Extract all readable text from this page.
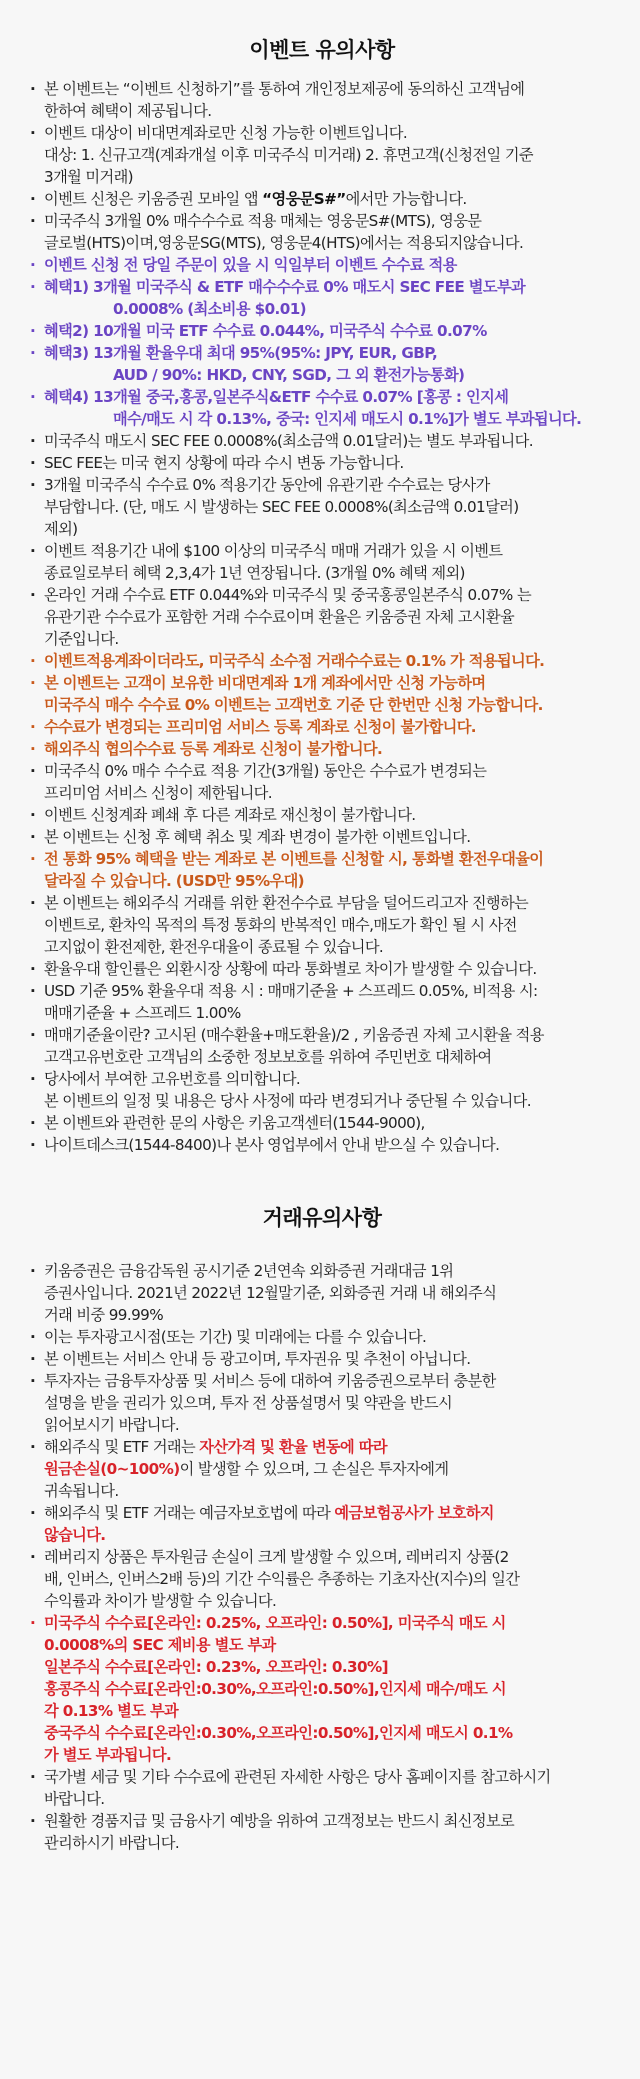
이벤트 유의사항
· 본 이벤트는 “이벤트 신청하기”를 통하여 개인정보제공에 동의하신 고객님에
한하여 혜택이 제공됩니다.
· 이벤트 대상이 비대면계좌로만 신청 가능한 이벤트입니다.
대상: 1. 신규고객(계좌개설 이후 미국주식 미거래) 2. 휴면고객(신청전일 기준
3개월 미거래)
· 이벤트 신청은 키움증권 모바일 앱 “영웅문S#”에서만 가능합니다.
· 미국주식 3개월 0% 매수수수료 적용 매체는 영웅문S#(MTS), 영웅문
글로벌(HTS)이며,영웅문SG(MTS), 영웅문4(HTS)에서는 적용되지않습니다.
· 이벤트 신청 전 당일 주문이 있을 시 익일부터 이벤트 수수료 적용
· 혜택1) 3개월 미국주식 & ETF 매수수수료 0% 매도시 SEC FEE 별도부과
0.0008% (최소비용 $0.01)
· 혜택2) 10개월 미국 ETF 수수료 0.044%, 미국주식 수수료 0.07%
· 혜택3) 13개월 환율우대 최대 95%(95%: JPY, EUR, GBP,
AUD / 90%: HKD, CNY, SGD, 그 외 환전가능통화)
· 혜택4) 13개월 중국,홍콩,일본주식&ETF 수수료 0.07% [홍콩 : 인지세
매수/매도 시 각 0.13%, 중국: 인지세 매도시 0.1%]가 별도 부과됩니다.
· 미국주식 매도시 SEC FEE 0.0008%(최소금액 0.01달러)는 별도 부과됩니다.
· SEC FEE는 미국 현지 상황에 따라 수시 변동 가능합니다.
· 3개월 미국주식 수수료 0% 적용기간 동안에 유관기관 수수료는 당사가
부담합니다. (단, 매도 시 발생하는 SEC FEE 0.0008%(최소금액 0.01달러)
제외)
· 이벤트 적용기간 내에 $100 이상의 미국주식 매매 거래가 있을 시 이벤트
종료일로부터 혜택 2,3,4가 1년 연장됩니다. (3개월 0% 혜택 제외)
· 온라인 거래 수수료 ETF 0.044%와 미국주식 및 중국홍콩일본주식 0.07% 는
유관기관 수수료가 포함한 거래 수수료이며 환율은 키움증권 자체 고시환율
기준입니다.
· 이벤트적용계좌이더라도, 미국주식 소수점 거래수수료는 0.1% 가 적용됩니다.
· 본 이벤트는 고객이 보유한 비대면계좌 1개 계좌에서만 신청 가능하며
미국주식 매수 수수료 0% 이벤트는 고객번호 기준 단 한번만 신청 가능합니다.
· 수수료가 변경되는 프리미엄 서비스 등록 계좌로 신청이 불가합니다.
· 해외주식 협의수수료 등록 계좌로 신청이 불가합니다.
· 미국주식 0% 매수 수수료 적용 기간(3개월) 동안은 수수료가 변경되는
프리미엄 서비스 신청이 제한됩니다.
· 이벤트 신청계좌 폐쇄 후 다른 계좌로 재신청이 불가합니다.
· 본 이벤트는 신청 후 혜택 취소 및 계좌 변경이 불가한 이벤트입니다.
· 전 통화 95% 혜택을 받는 계좌로 본 이벤트를 신청할 시, 통화별 환전우대율이
달라질 수 있습니다. (USD만 95%우대)
· 본 이벤트는 해외주식 거래를 위한 환전수수료 부담을 덜어드리고자 진행하는
이벤트로, 환차익 목적의 특정 통화의 반복적인 매수,매도가 확인 될 시 사전
고지없이 환전제한, 환전우대율이 종료될 수 있습니다.
· 환율우대 할인률은 외환시장 상황에 따라 통화별로 차이가 발생할 수 있습니다.
· USD 기준 95% 환율우대 적용 시 : 매매기준율 + 스프레드 0.05%, 비적용 시:
매매기준율 + 스프레드 1.00%
· 매매기준율이란? 고시된 (매수환율+매도환율)/2 , 키움증권 자체 고시환율 적용
고객고유번호란 고객님의 소중한 정보보호를 위하여 주민번호 대체하여
· 당사에서 부여한 고유번호를 의미합니다.
본 이벤트의 일정 및 내용은 당사 사정에 따라 변경되거나 중단될 수 있습니다.
· 본 이벤트와 관련한 문의 사항은 키움고객센터(1544-9000),
· 나이트데스크(1544-8400)나 본사 영업부에서 안내 받으실 수 있습니다.
거래유의사항
· 키움증권은 금융감독원 공시기준 2년연속 외화증권 거래대금 1위
증권사입니다. 2021년 2022년 12월말기준, 외화증권 거래 내 해외주식
거래 비중 99.99%
· 이는 투자광고시점(또는 기간) 및 미래에는 다를 수 있습니다.
· 본 이벤트는 서비스 안내 등 광고이며, 투자권유 및 추천이 아닙니다.
· 투자자는 금융투자상품 및 서비스 등에 대하여 키움증권으로부터 충분한
설명을 받을 권리가 있으며, 투자 전 상품설명서 및 약관을 반드시
읽어보시기 바랍니다.
· 해외주식 및 ETF 거래는 자산가격 및 환율 변동에 따라
원금손실(0~100%)이 발생할 수 있으며, 그 손실은 투자자에게
귀속됩니다.
· 해외주식 및 ETF 거래는 예금자보호법에 따라 예금보험공사가 보호하지
않습니다.
· 레버리지 상품은 투자원금 손실이 크게 발생할 수 있으며, 레버리지 상품(2
배, 인버스, 인버스2배 등)의 기간 수익률은 추종하는 기초자산(지수)의 일간
수익률과 차이가 발생할 수 있습니다.
· 미국주식 수수료[온라인: 0.25%, 오프라인: 0.50%], 미국주식 매도 시
0.0008%의 SEC 제비용 별도 부과
일본주식 수수료[온라인: 0.23%, 오프라인: 0.30%]
홍콩주식 수수료[온라인:0.30%,오프라인:0.50%],인지세 매수/매도 시
각 0.13% 별도 부과
중국주식 수수료[온라인:0.30%,오프라인:0.50%],인지세 매도시 0.1%
가 별도 부과됩니다.
· 국가별 세금 및 기타 수수료에 관련된 자세한 사항은 당사 홈페이지를 참고하시기
바랍니다.
· 원활한 경품지급 및 금융사기 예방을 위하여 고객정보는 반드시 최신정보로
관리하시기 바랍니다.
